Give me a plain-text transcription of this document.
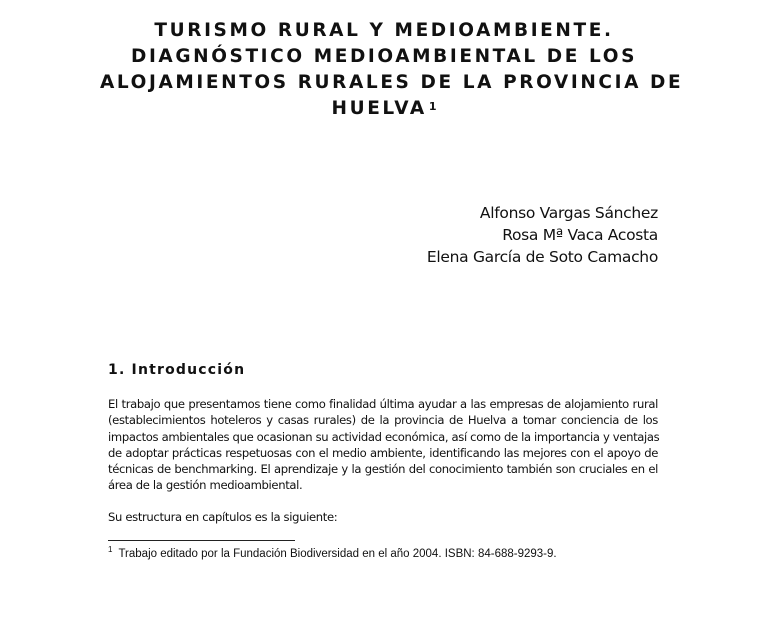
TURISMO RURAL Y MEDIOAMBIENTE.
DIAGNÓSTICO MEDIOAMBIENTAL DE LOS
ALOJAMIENTOS RURALES DE LA PROVINCIA DE
HUELVA $^1$
Alfonso Vargas Sánchez
Rosa Mª Vaca Acosta
Elena García de Soto Camacho
1. Introducción
El trabajo que presentamos tiene como finalidad última ayudar a las empresas de alojamiento rural
(establecimientos hoteleros y casas rurales) de la provincia de Huelva a tomar conciencia de los
impactos ambientales que ocasionan su actividad económica, así como de la importancia y ventajas
de adoptar prácticas respetuosas con el medio ambiente, identificando las mejores con el apoyo de
técnicas de benchmarking. El aprendizaje y la gestión del conocimiento también son cruciales en el
área de la gestión medioambiental.
Su estructura en capítulos es la siguiente:
$^1$ Trabajo editado por la Fundación Biodiversidad en el año 2004. ISBN: 84-688-9293-9.
